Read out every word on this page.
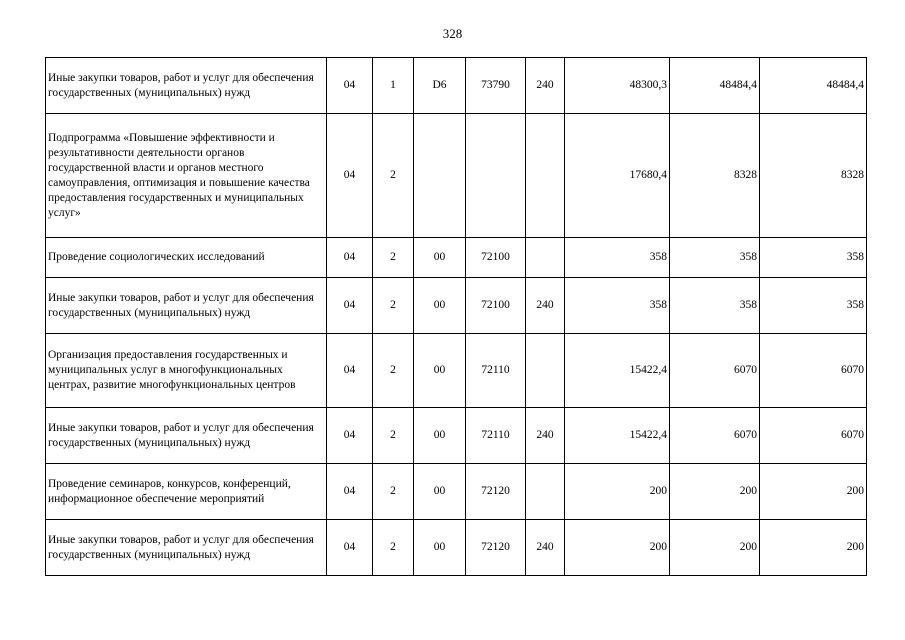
328
Иные закупки товаров, работ и услуг для обеспечения государственных (муниципальных) нужд	04	1	D6	73790	240	48300,3	48484,4	48484,4
Подпрограмма «Повышение эффективности и результативности деятельности органов государственной власти и органов местного самоуправления, оптимизация и повышение качества предоставления государственных и муниципальных услуг»	04	2				17680,4	8328	8328
Проведение социологических исследований	04	2	00	72100		358	358	358
Иные закупки товаров, работ и услуг для обеспечения государственных (муниципальных) нужд	04	2	00	72100	240	358	358	358
Организация предоставления государственных и муниципальных услуг в многофункциональных центрах, развитие многофункциональных центров	04	2	00	72110		15422,4	6070	6070
Иные закупки товаров, работ и услуг для обеспечения государственных (муниципальных) нужд	04	2	00	72110	240	15422,4	6070	6070
Проведение семинаров, конкурсов, конференций, информационное обеспечение мероприятий	04	2	00	72120		200	200	200
Иные закупки товаров, работ и услуг для обеспечения государственных (муниципальных) нужд	04	2	00	72120	240	200	200	200
